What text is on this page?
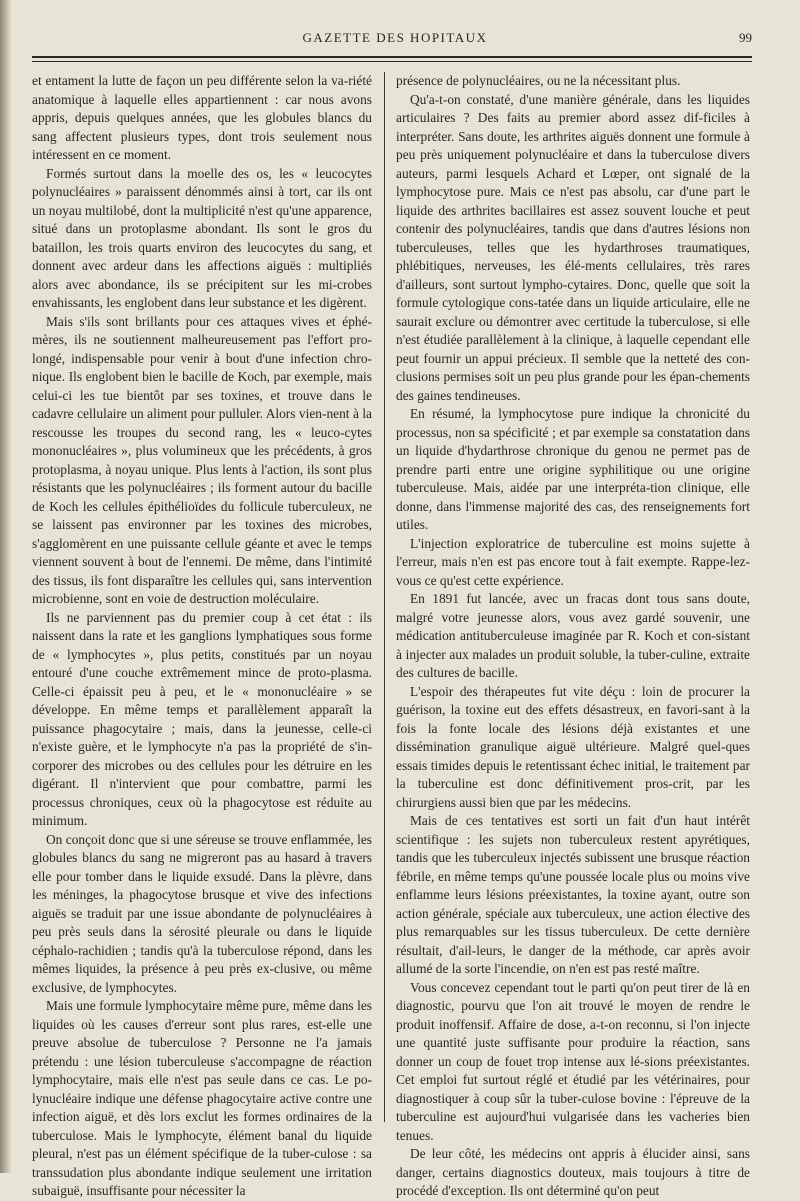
GAZETTE DES HOPITAUX	99

et entament la lutte de façon un peu différente selon la va-riété anatomique à laquelle elles appartiennent : car nous avons appris, depuis quelques années, que les globules blancs du sang affectent plusieurs types, dont trois seulement nous intéressent en ce moment.

Formés surtout dans la moelle des os, les « leucocytes polynucléaires » paraissent dénommés ainsi à tort, car ils ont un noyau multilobé, dont la multiplicité n'est qu'une apparence, situé dans un protoplasme abondant. Ils sont le gros du bataillon, les trois quarts environ des leucocytes du sang, et donnent avec ardeur dans les affections aiguës : multipliés alors avec abondance, ils se précipitent sur les mi-crobes envahissants, les englobent dans leur substance et les digèrent.

Mais s'ils sont brillants pour ces attaques vives et éphé-mères, ils ne soutiennent malheureusement pas l'effort pro-longé, indispensable pour venir à bout d'une infection chro-nique. Ils englobent bien le bacille de Koch, par exemple, mais celui-ci les tue bientôt par ses toxines, et trouve dans le cadavre cellulaire un aliment pour pulluler. Alors vien-nent à la rescousse les troupes du second rang, les « leuco-cytes mononucléaires », plus volumineux que les précédents, à gros protoplasma, à noyau unique. Plus lents à l'action, ils sont plus résistants que les polynucléaires ; ils forment autour du bacille de Koch les cellules épithélioïdes du follicule tuberculeux, ne se laissent pas environner par les toxines des microbes, s'agglomèrent en une puissante cellule géante et avec le temps viennent souvent à bout de l'ennemi. De même, dans l'intimité des tissus, ils font disparaître les cellules qui, sans intervention microbienne, sont en voie de destruction moléculaire.

Ils ne parviennent pas du premier coup à cet état : ils naissent dans la rate et les ganglions lymphatiques sous forme de « lymphocytes », plus petits, constitués par un noyau entouré d'une couche extrêmement mince de proto-plasma. Celle-ci épaissit peu à peu, et le « mononucléaire » se développe. En même temps et parallèlement apparaît la puissance phagocytaire ; mais, dans la jeunesse, celle-ci n'existe guère, et le lymphocyte n'a pas la propriété de s'in-corporer des microbes ou des cellules pour les détruire en les digérant. Il n'intervient que pour combattre, parmi les processus chroniques, ceux où la phagocytose est réduite au minimum.

On conçoit donc que si une séreuse se trouve enflammée, les globules blancs du sang ne migreront pas au hasard à travers elle pour tomber dans le liquide exsudé. Dans la plèvre, dans les méninges, la phagocytose brusque et vive des infections aiguës se traduit par une issue abondante de polynucléaires à peu près seuls dans la sérosité pleurale ou dans le liquide céphalo-rachidien ; tandis qu'à la tuberculose répond, dans les mêmes liquides, la présence à peu près ex-clusive, ou même exclusive, de lymphocytes.

Mais une formule lymphocytaire même pure, même dans les liquides où les causes d'erreur sont plus rares, est-elle une preuve absolue de tuberculose ? Personne ne l'a jamais prétendu : une lésion tuberculeuse s'accompagne de réaction lymphocytaire, mais elle n'est pas seule dans ce cas. Le po-lynucléaire indique une défense phagocytaire active contre une infection aiguë, et dès lors exclut les formes ordinaires de la tuberculose. Mais le lymphocyte, élément banal du liquide pleural, n'est pas un élément spécifique de la tuber-culose : sa transsudation plus abondante indique seulement une irritation subaiguë, insuffisante pour nécessiter la

présence de polynucléaires, ou ne la nécessitant plus.

Qu'a-t-on constaté, d'une manière générale, dans les liquides articulaires ? Des faits au premier abord assez dif-ficiles à interpréter. Sans doute, les arthrites aiguës donnent une formule à peu près uniquement polynucléaire et dans la tuberculose divers auteurs, parmi lesquels Achard et Lœper, ont signalé de la lymphocytose pure. Mais ce n'est pas absolu, car d'une part le liquide des arthrites bacillaires est assez souvent louche et peut contenir des polynucléaires, tandis que dans d'autres lésions non tuberculeuses, telles que les hydarthroses traumatiques, phlébitiques, nerveuses, les élé-ments cellulaires, très rares d'ailleurs, sont surtout lympho-cytaires. Donc, quelle que soit la formule cytologique cons-tatée dans un liquide articulaire, elle ne saurait exclure ou démontrer avec certitude la tuberculose, si elle n'est étudiée parallèlement à la clinique, à laquelle cependant elle peut fournir un appui précieux. Il semble que la netteté des con-clusions permises soit un peu plus grande pour les épan-chements des gaines tendineuses.

En résumé, la lymphocytose pure indique la chronicité du processus, non sa spécificité ; et par exemple sa constatation dans un liquide d'hydarthrose chronique du genou ne permet pas de prendre parti entre une origine syphilitique ou une origine tuberculeuse. Mais, aidée par une interpréta-tion clinique, elle donne, dans l'immense majorité des cas, des renseignements fort utiles.

L'injection exploratrice de tuberculine est moins sujette à l'erreur, mais n'en est pas encore tout à fait exempte. Rappe-lez-vous ce qu'est cette expérience.

En 1891 fut lancée, avec un fracas dont tous sans doute, malgré votre jeunesse alors, vous avez gardé souvenir, une médication antituberculeuse imaginée par R. Koch et con-sistant à injecter aux malades un produit soluble, la tuber-culine, extraite des cultures de bacille.

L'espoir des thérapeutes fut vite déçu : loin de procurer la guérison, la toxine eut des effets désastreux, en favori-sant à la fois la fonte locale des lésions déjà existantes et une dissémination granulique aiguë ultérieure. Malgré quel-ques essais timides depuis le retentissant échec initial, le traitement par la tuberculine est donc définitivement pros-crit, par les chirurgiens aussi bien que par les médecins.

Mais de ces tentatives est sorti un fait d'un haut intérêt scientifique : les sujets non tuberculeux restent apyrétiques, tandis que les tuberculeux injectés subissent une brusque réaction fébrile, en même temps qu'une poussée locale plus ou moins vive enflamme leurs lésions préexistantes, la toxine ayant, outre son action générale, spéciale aux tuberculeux, une action élective des plus remarquables sur les tissus tuberculeux. De cette dernière résultait, d'ail-leurs, le danger de la méthode, car après avoir allumé de la sorte l'incendie, on n'en est pas resté maître.

Vous concevez cependant tout le parti qu'on peut tirer de là en diagnostic, pourvu que l'on ait trouvé le moyen de rendre le produit inoffensif. Affaire de dose, a-t-on reconnu, si l'on injecte une quantité juste suffisante pour produire la réaction, sans donner un coup de fouet trop intense aux lé-sions préexistantes. Cet emploi fut surtout réglé et étudié par les vétérinaires, pour diagnostiquer à coup sûr la tuber-culose bovine : l'épreuve de la tuberculine est aujourd'hui vulgarisée dans les vacheries bien tenues.

De leur côté, les médecins ont appris à élucider ainsi, sans danger, certains diagnostics douteux, mais toujours à titre de procédé d'exception. Ils ont déterminé qu'on peut
